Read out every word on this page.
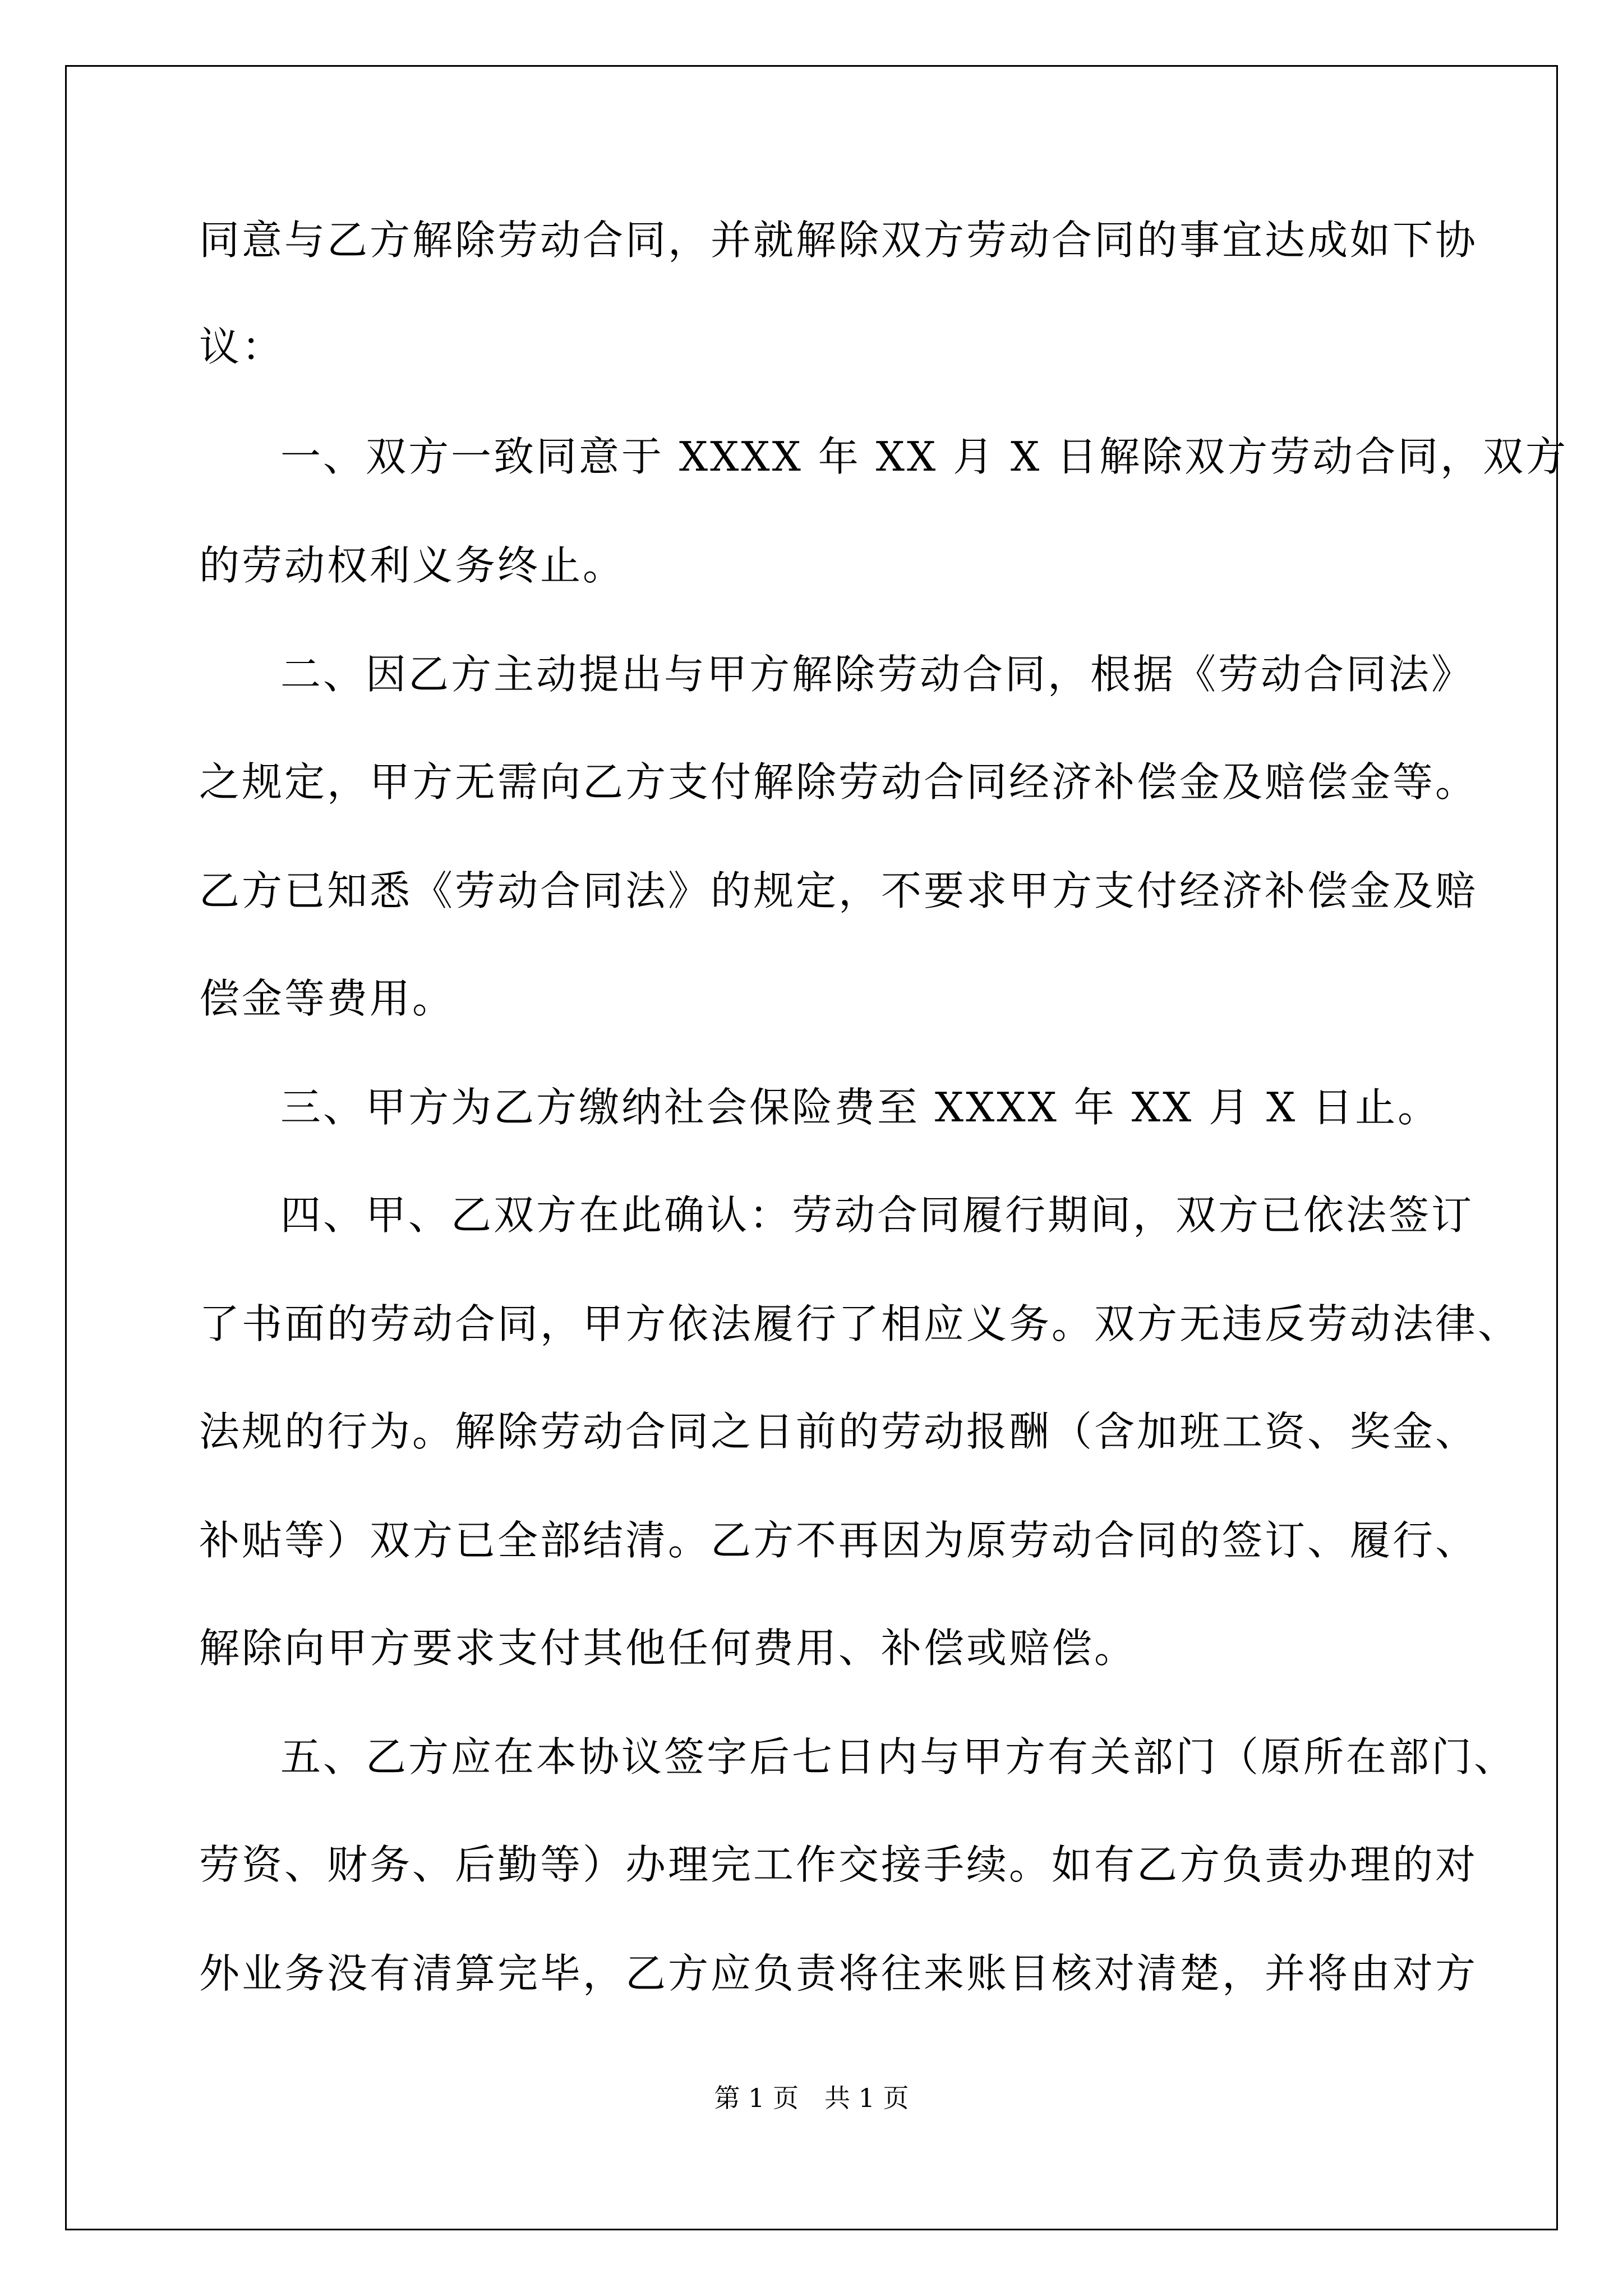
同意与乙方解除劳动合同，并就解除双方劳动合同的事宜达成如下协
议：
一、双方一致同意于 XXXX 年 XX 月 X 日解除双方劳动合同，双方
的劳动权利义务终止。
二、因乙方主动提出与甲方解除劳动合同，根据《劳动合同法》
之规定，甲方无需向乙方支付解除劳动合同经济补偿金及赔偿金等。
乙方已知悉《劳动合同法》的规定，不要求甲方支付经济补偿金及赔
偿金等费用。
三、甲方为乙方缴纳社会保险费至 XXXX 年 XX 月 X 日止。
四、甲、乙双方在此确认：劳动合同履行期间，双方已依法签订
了书面的劳动合同，甲方依法履行了相应义务。双方无违反劳动法律、
法规的行为。解除劳动合同之日前的劳动报酬（含加班工资、奖金、
补贴等）双方已全部结清。乙方不再因为原劳动合同的签订、履行、
解除向甲方要求支付其他任何费用、补偿或赔偿。
五、乙方应在本协议签字后七日内与甲方有关部门（原所在部门、
劳资、财务、后勤等）办理完工作交接手续。如有乙方负责办理的对
外业务没有清算完毕，乙方应负责将往来账目核对清楚，并将由对方
第 1 页　共 1 页
